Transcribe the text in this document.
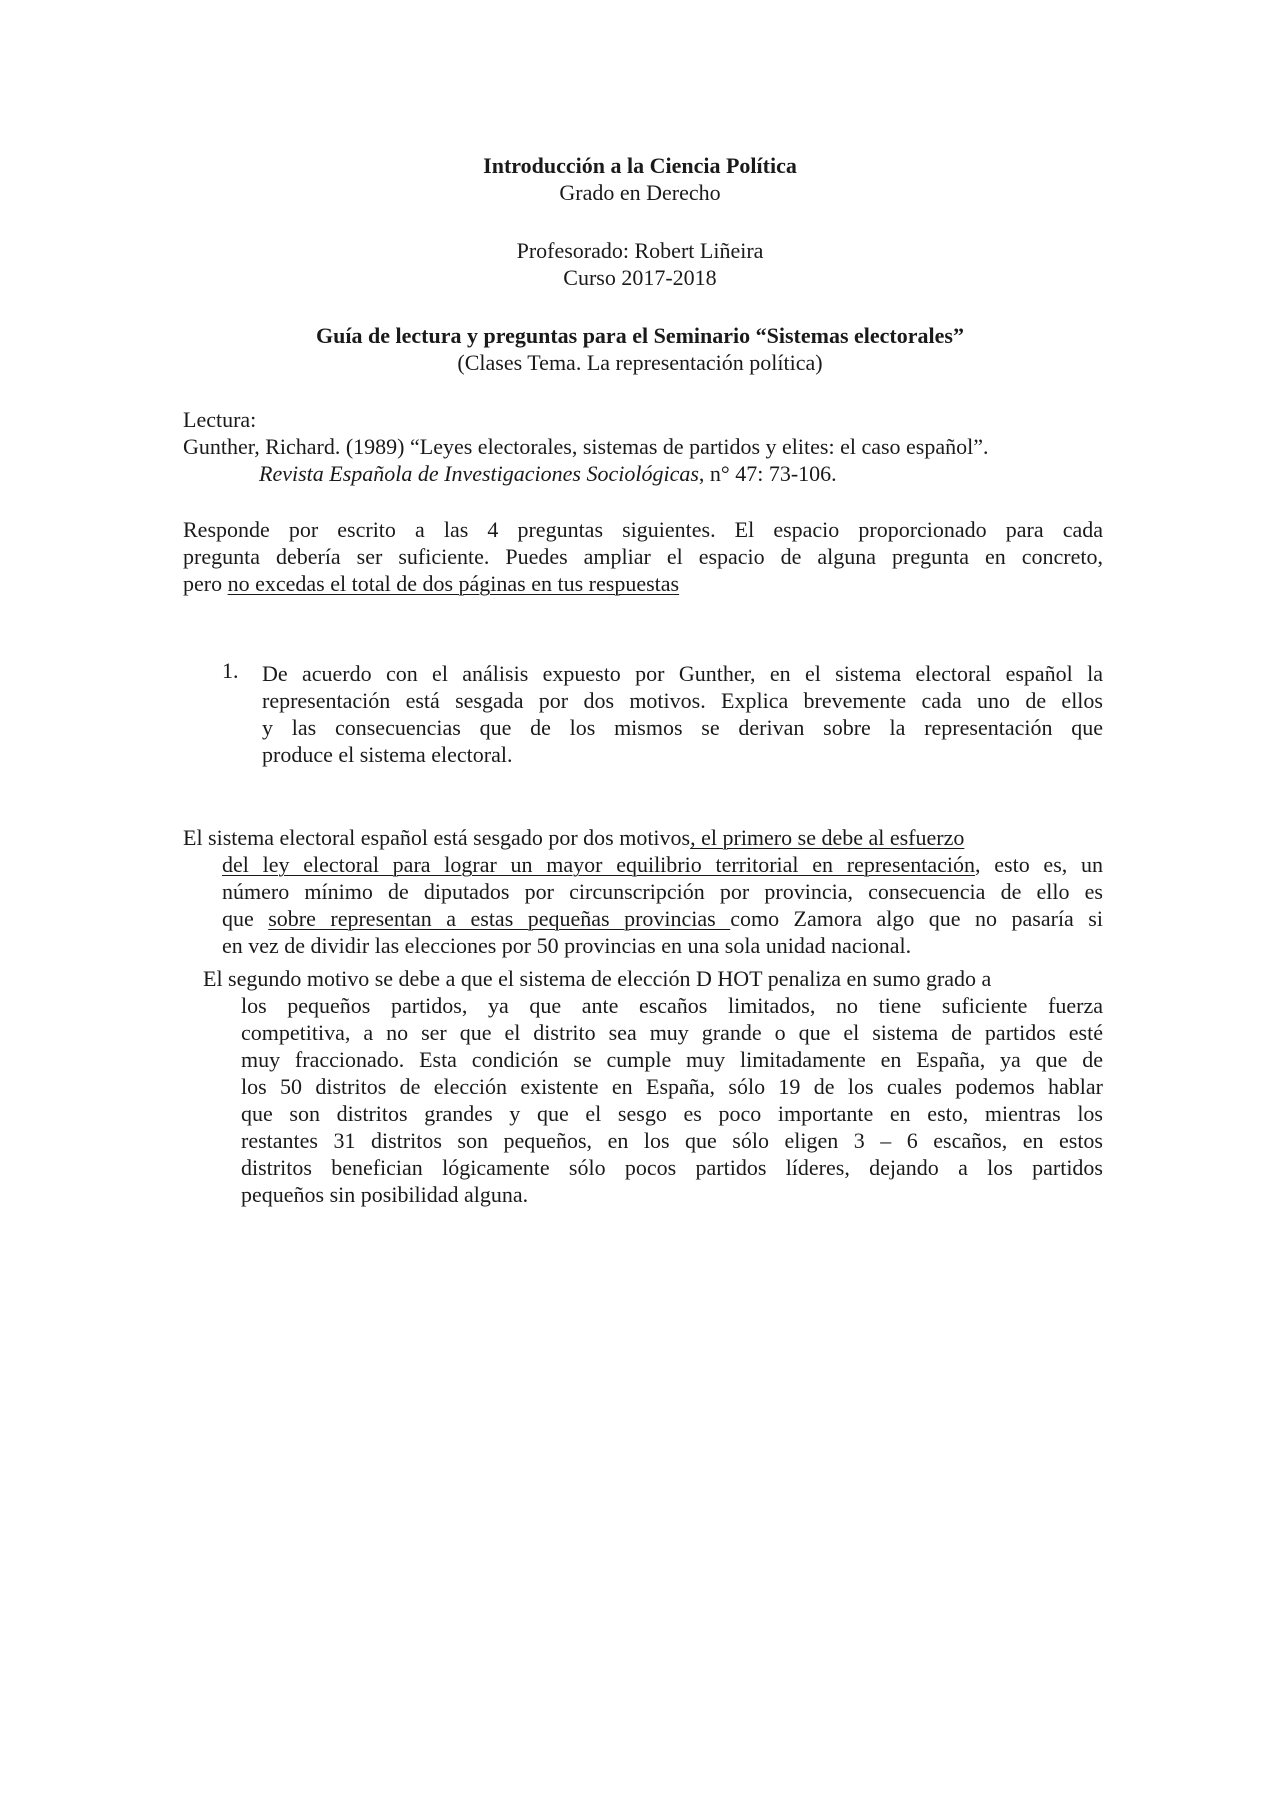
Introducción a la Ciencia Política
Grado en Derecho
Profesorado: Robert Liñeira
Curso 2017-2018
Guía de lectura y preguntas para el Seminario “Sistemas electorales”
(Clases Tema. La representación política)
Lectura:
Gunther, Richard. (1989) “Leyes electorales, sistemas de partidos y elites: el caso español”.
Revista Española de Investigaciones Sociológicas, n° 47: 73-106.
Responde por escrito a las 4 preguntas siguientes. El espacio proporcionado para cada
pregunta debería ser suficiente. Puedes ampliar el espacio de alguna pregunta en concreto,
pero no excedas el total de dos páginas en tus respuestas
1. De acuerdo con el análisis expuesto por Gunther, en el sistema electoral español la
representación está sesgada por dos motivos. Explica brevemente cada uno de ellos
y las consecuencias que de los mismos se derivan sobre la representación que
produce el sistema electoral.
El sistema electoral español está sesgado por dos motivos, el primero se debe al esfuerzo
del ley electoral para lograr un mayor equilibrio territorial en representación, esto es, un
número mínimo de diputados por circunscripción por provincia, consecuencia de ello es
que sobre representan a estas pequeñas provincias como Zamora algo que no pasaría si
en vez de dividir las elecciones por 50 provincias en una sola unidad nacional.
El segundo motivo se debe a que el sistema de elección D HOT penaliza en sumo grado a
los pequeños partidos, ya que ante escaños limitados, no tiene suficiente fuerza
competitiva, a no ser que el distrito sea muy grande o que el sistema de partidos esté
muy fraccionado. Esta condición se cumple muy limitadamente en España, ya que de
los 50 distritos de elección existente en España, sólo 19 de los cuales podemos hablar
que son distritos grandes y que el sesgo es poco importante en esto, mientras los
restantes 31 distritos son pequeños, en los que sólo eligen 3 – 6 escaños, en estos
distritos benefician lógicamente sólo pocos partidos líderes, dejando a los partidos
pequeños sin posibilidad alguna.
